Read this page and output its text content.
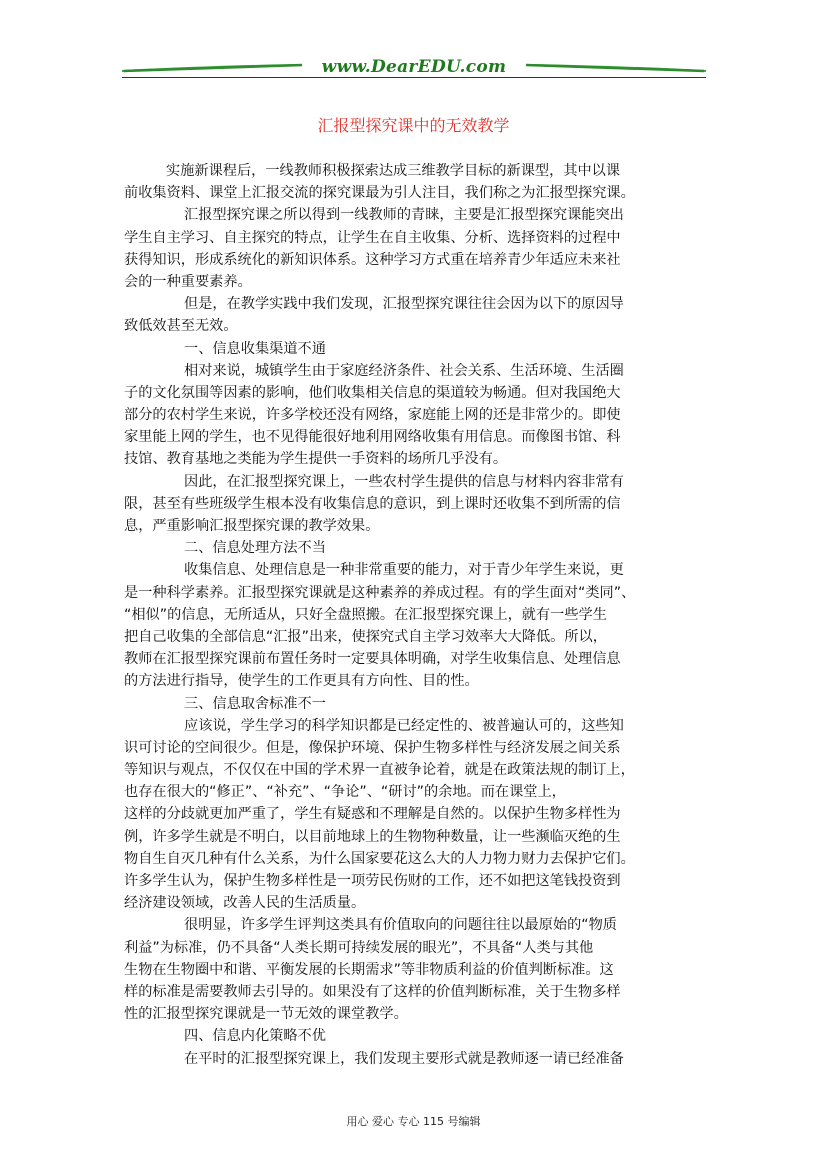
www.DearEDU.com
汇报型探究课中的无效教学
实施新课程后，一线教师积极探索达成三维教学目标的新课型，其中以课
前收集资料、课堂上汇报交流的探究课最为引人注目，我们称之为汇报型探究课。
汇报型探究课之所以得到一线教师的青睐，主要是汇报型探究课能突出
学生自主学习、自主探究的特点，让学生在自主收集、分析、选择资料的过程中
获得知识，形成系统化的新知识体系。这种学习方式重在培养青少年适应未来社
会的一种重要素养。
但是，在教学实践中我们发现，汇报型探究课往往会因为以下的原因导
致低效甚至无效。
一、信息收集渠道不通
相对来说，城镇学生由于家庭经济条件、社会关系、生活环境、生活圈
子的文化氛围等因素的影响，他们收集相关信息的渠道较为畅通。但对我国绝大
部分的农村学生来说，许多学校还没有网络，家庭能上网的还是非常少的。即使
家里能上网的学生，也不见得能很好地利用网络收集有用信息。而像图书馆、科
技馆、教育基地之类能为学生提供一手资料的场所几乎没有。
因此，在汇报型探究课上，一些农村学生提供的信息与材料内容非常有
限，甚至有些班级学生根本没有收集信息的意识，到上课时还收集不到所需的信
息，严重影响汇报型探究课的教学效果。
二、信息处理方法不当
收集信息、处理信息是一种非常重要的能力，对于青少年学生来说，更
是一种科学素养。汇报型探究课就是这种素养的养成过程。有的学生面对“类同”、
“相似”的信息，无所适从，只好全盘照搬。在汇报型探究课上，就有一些学生
把自己收集的全部信息“汇报”出来，使探究式自主学习效率大大降低。所以，
教师在汇报型探究课前布置任务时一定要具体明确，对学生收集信息、处理信息
的方法进行指导，使学生的工作更具有方向性、目的性。
三、信息取舍标准不一
应该说，学生学习的科学知识都是已经定性的、被普遍认可的，这些知
识可讨论的空间很少。但是，像保护环境、保护生物多样性与经济发展之间关系
等知识与观点，不仅仅在中国的学术界一直被争论着，就是在政策法规的制订上，
也存在很大的“修正”、“补充”、“争论”、“研讨”的余地。而在课堂上，
这样的分歧就更加严重了，学生有疑惑和不理解是自然的。以保护生物多样性为
例，许多学生就是不明白，以目前地球上的生物物种数量，让一些濒临灭绝的生
物自生自灭几种有什么关系，为什么国家要花这么大的人力物力财力去保护它们。
许多学生认为，保护生物多样性是一项劳民伤财的工作，还不如把这笔钱投资到
经济建设领域，改善人民的生活质量。
很明显，许多学生评判这类具有价值取向的问题往往以最原始的“物质
利益”为标准，仍不具备“人类长期可持续发展的眼光”，不具备“人类与其他
生物在生物圈中和谐、平衡发展的长期需求”等非物质利益的价值判断标准。这
样的标准是需要教师去引导的。如果没有了这样的价值判断标准，关于生物多样
性的汇报型探究课就是一节无效的课堂教学。
四、信息内化策略不优
在平时的汇报型探究课上，我们发现主要形式就是教师逐一请已经准备
用心 爱心 专心 115 号编辑
